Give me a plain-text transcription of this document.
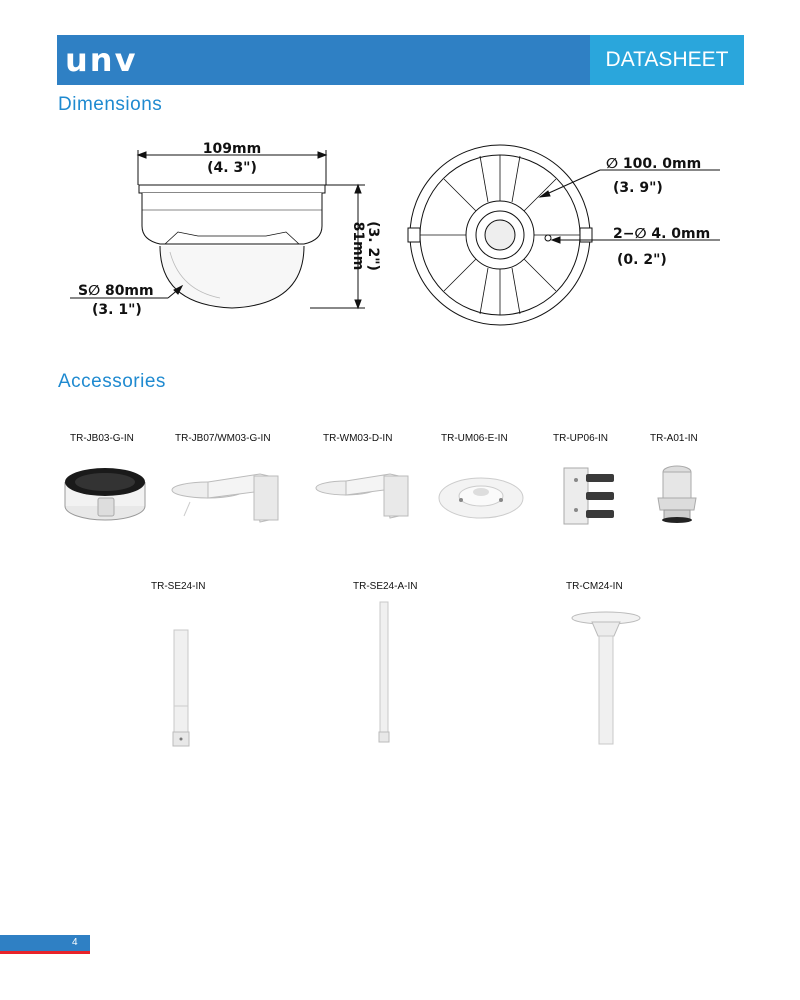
unv	DATASHEET
Dimensions
109mm
(4. 3")
81mm (3. 2")
S∅ 80mm
(3. 1")
∅ 100. 0mm
(3. 9")
2−∅ 4. 0mm
(0. 2")
Accessories
TR-JB03-G-IN	TR-JB07/WM03-G-IN	TR-WM03-D-IN	TR-UM06-E-IN	TR-UP06-IN	TR-A01-IN
TR-SE24-IN	TR-SE24-A-IN	TR-CM24-IN
4
